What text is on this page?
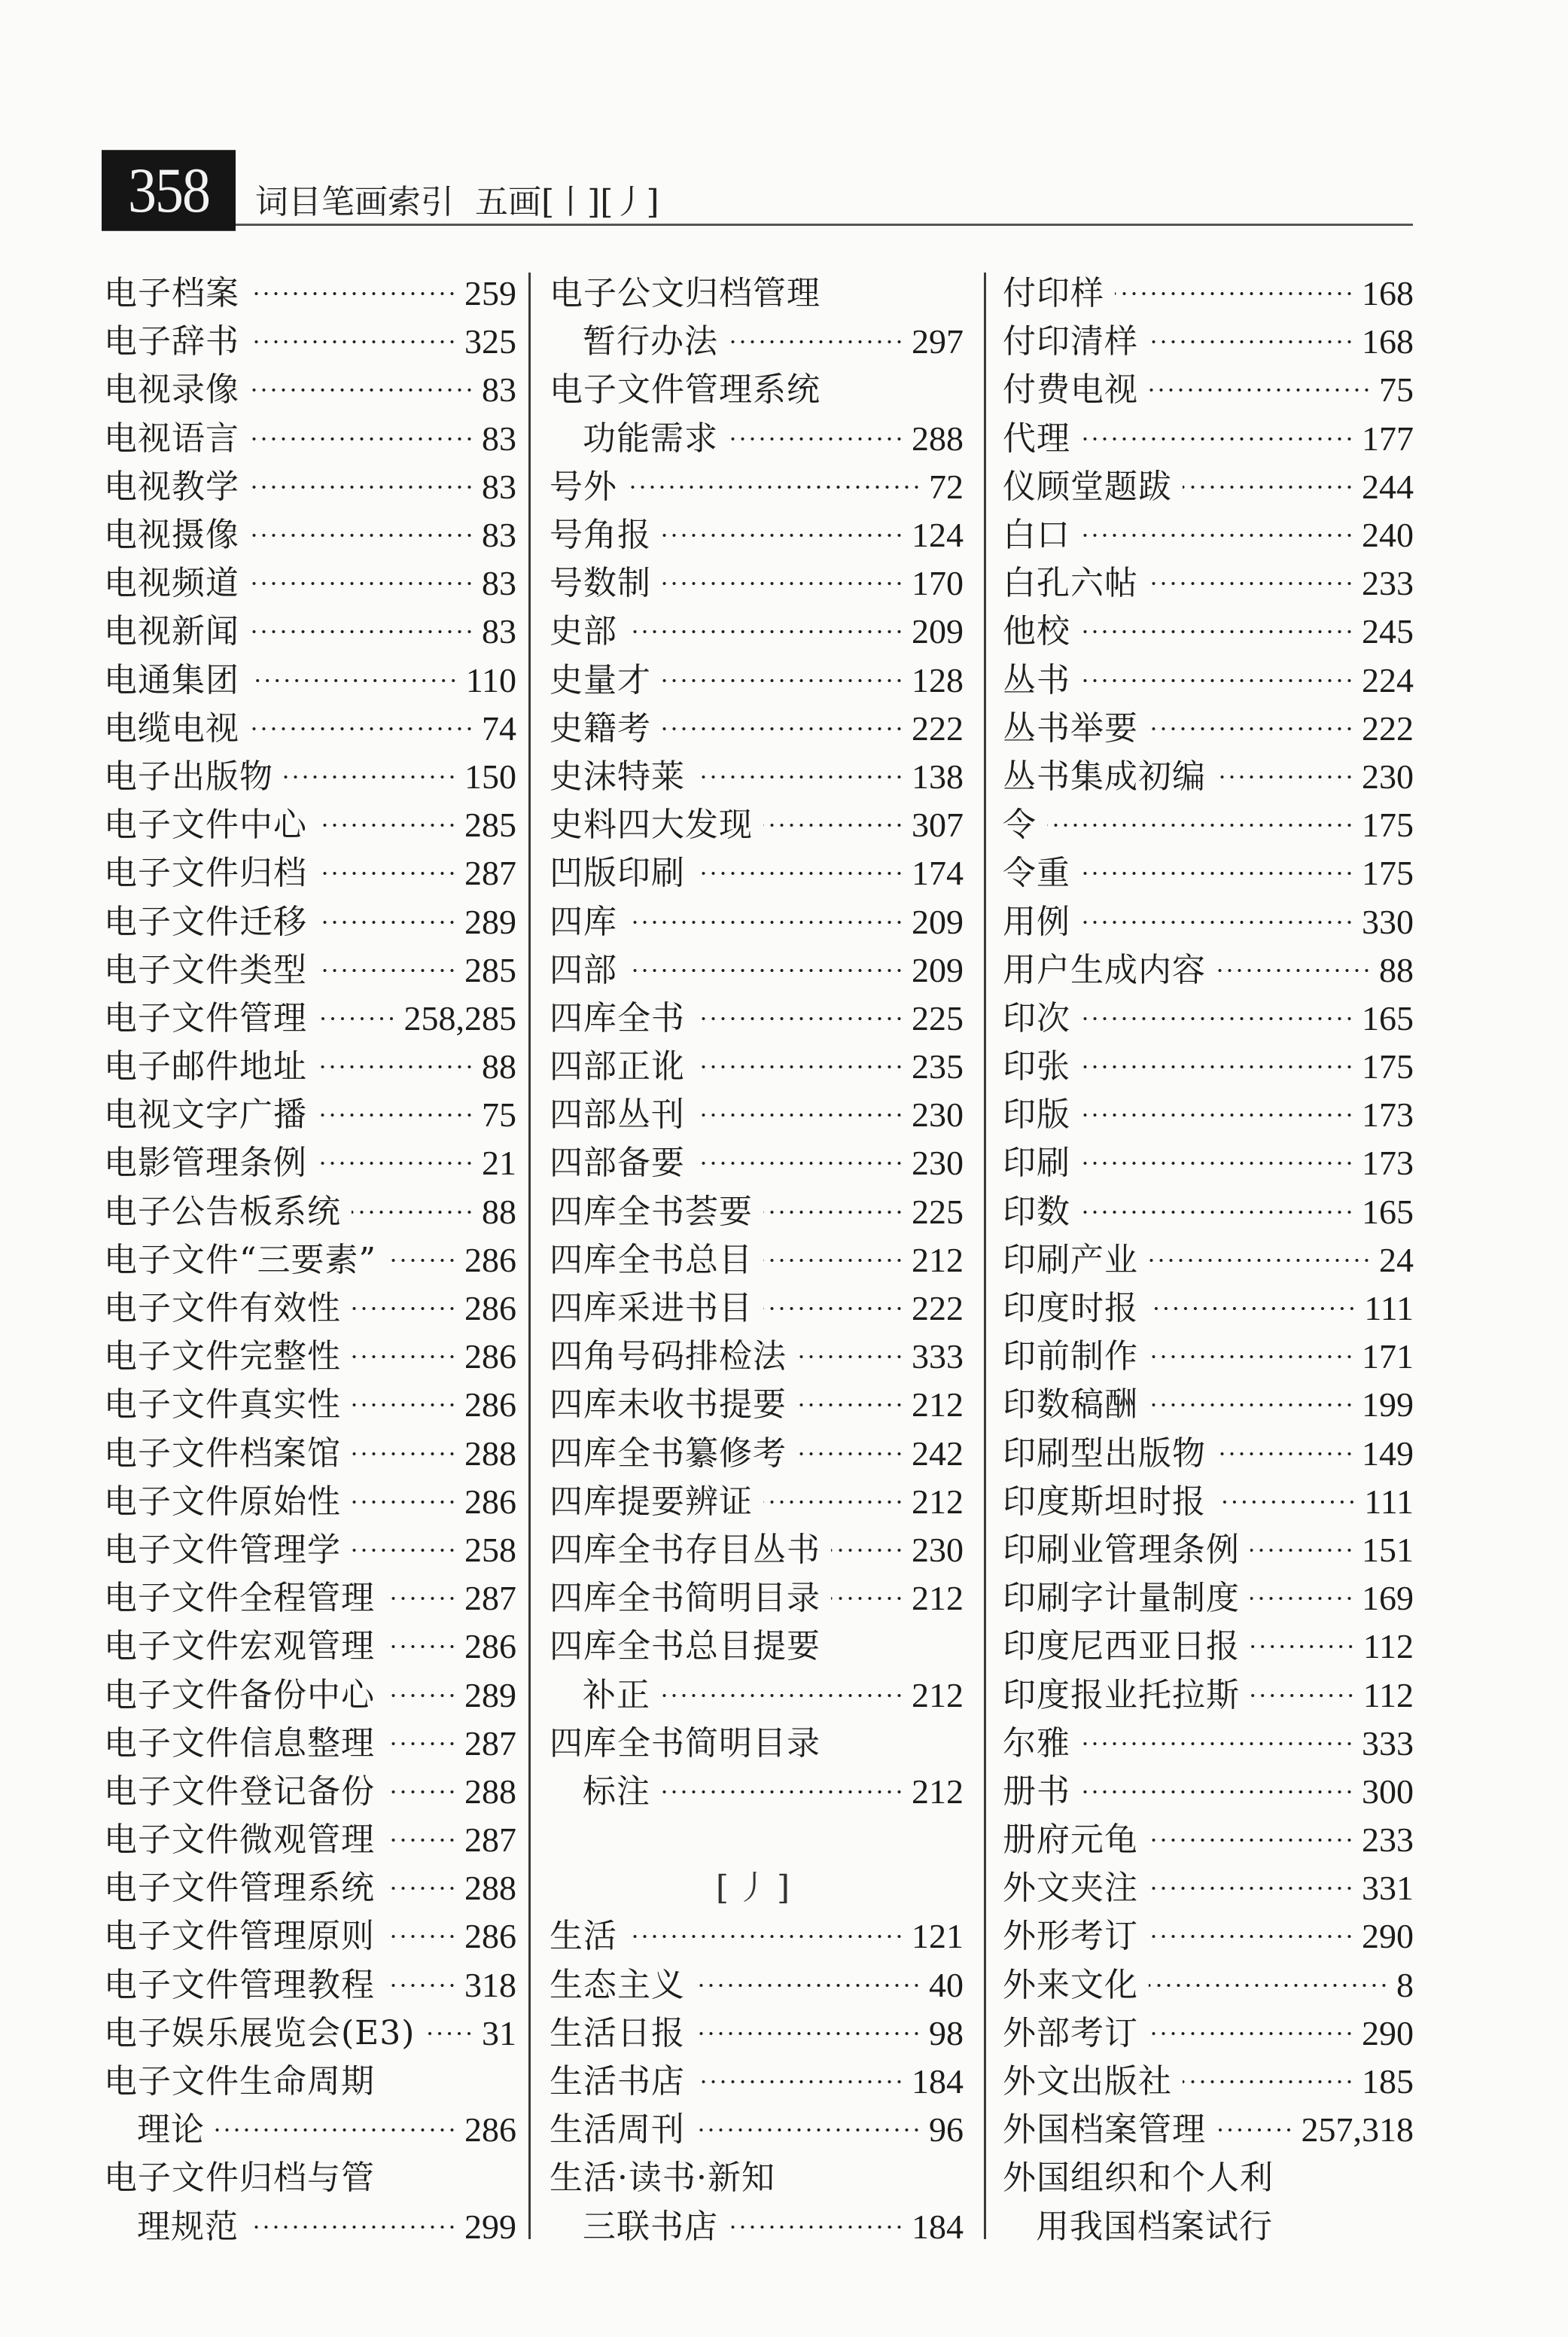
358	词目笔画索引  五画[丨][丿]
电子档案	259
电子辞书	325
电视录像	83
电视语言	83
电视教学	83
电视摄像	83
电视频道	83
电视新闻	83
电通集团	110
电缆电视	74
电子出版物	150
电子文件中心	285
电子文件归档	287
电子文件迁移	289
电子文件类型	285
电子文件管理	258,285
电子邮件地址	88
电视文字广播	75
电影管理条例	21
电子公告板系统	88
电子文件“三要素”	286
电子文件有效性	286
电子文件完整性	286
电子文件真实性	286
电子文件档案馆	288
电子文件原始性	286
电子文件管理学	258
电子文件全程管理	287
电子文件宏观管理	286
电子文件备份中心	289
电子文件信息整理	287
电子文件登记备份	288
电子文件微观管理	287
电子文件管理系统	288
电子文件管理原则	286
电子文件管理教程	318
电子娱乐展览会(E3) 31
电子文件生命周期
理论	286
电子文件归档与管
理规范	299
电子公文归档管理
暂行办法	297
电子文件管理系统
功能需求	288
号外	72
号角报	124
号数制	170
史部	209
史量才	128
史籍考	222
史沫特莱	138
史料四大发现	307
凹版印刷	174
四库	209
四部	209
四库全书	225
四部正讹	235
四部丛刊	230
四部备要	230
四库全书荟要	225
四库全书总目	212
四库采进书目	222
四角号码排检法	333
四库未收书提要	212
四库全书纂修考	242
四库提要辨证	212
四库全书存目丛书	230
四库全书简明目录	212
四库全书总目提要
补正	212
四库全书简明目录
标注	212
[丿]
生活	121
生态主义	40
生活日报	98
生活书店	184
生活周刊	96
生活·读书·新知
三联书店	184
付印样	168
付印清样	168
付费电视	75
代理	177
仪顾堂题跋	244
白口	240
白孔六帖	233
他校	245
丛书	224
丛书举要	222
丛书集成初编	230
令	175
令重	175
用例	330
用户生成内容	88
印次	165
印张	175
印版	173
印刷	173
印数	165
印刷产业	24
印度时报	111
印前制作	171
印数稿酬	199
印刷型出版物	149
印度斯坦时报	111
印刷业管理条例	151
印刷字计量制度	169
印度尼西亚日报	112
印度报业托拉斯	112
尔雅	333
册书	300
册府元龟	233
外文夹注	331
外形考订	290
外来文化	8
外部考订	290
外文出版社	185
外国档案管理	257,318
外国组织和个人利
用我国档案试行
